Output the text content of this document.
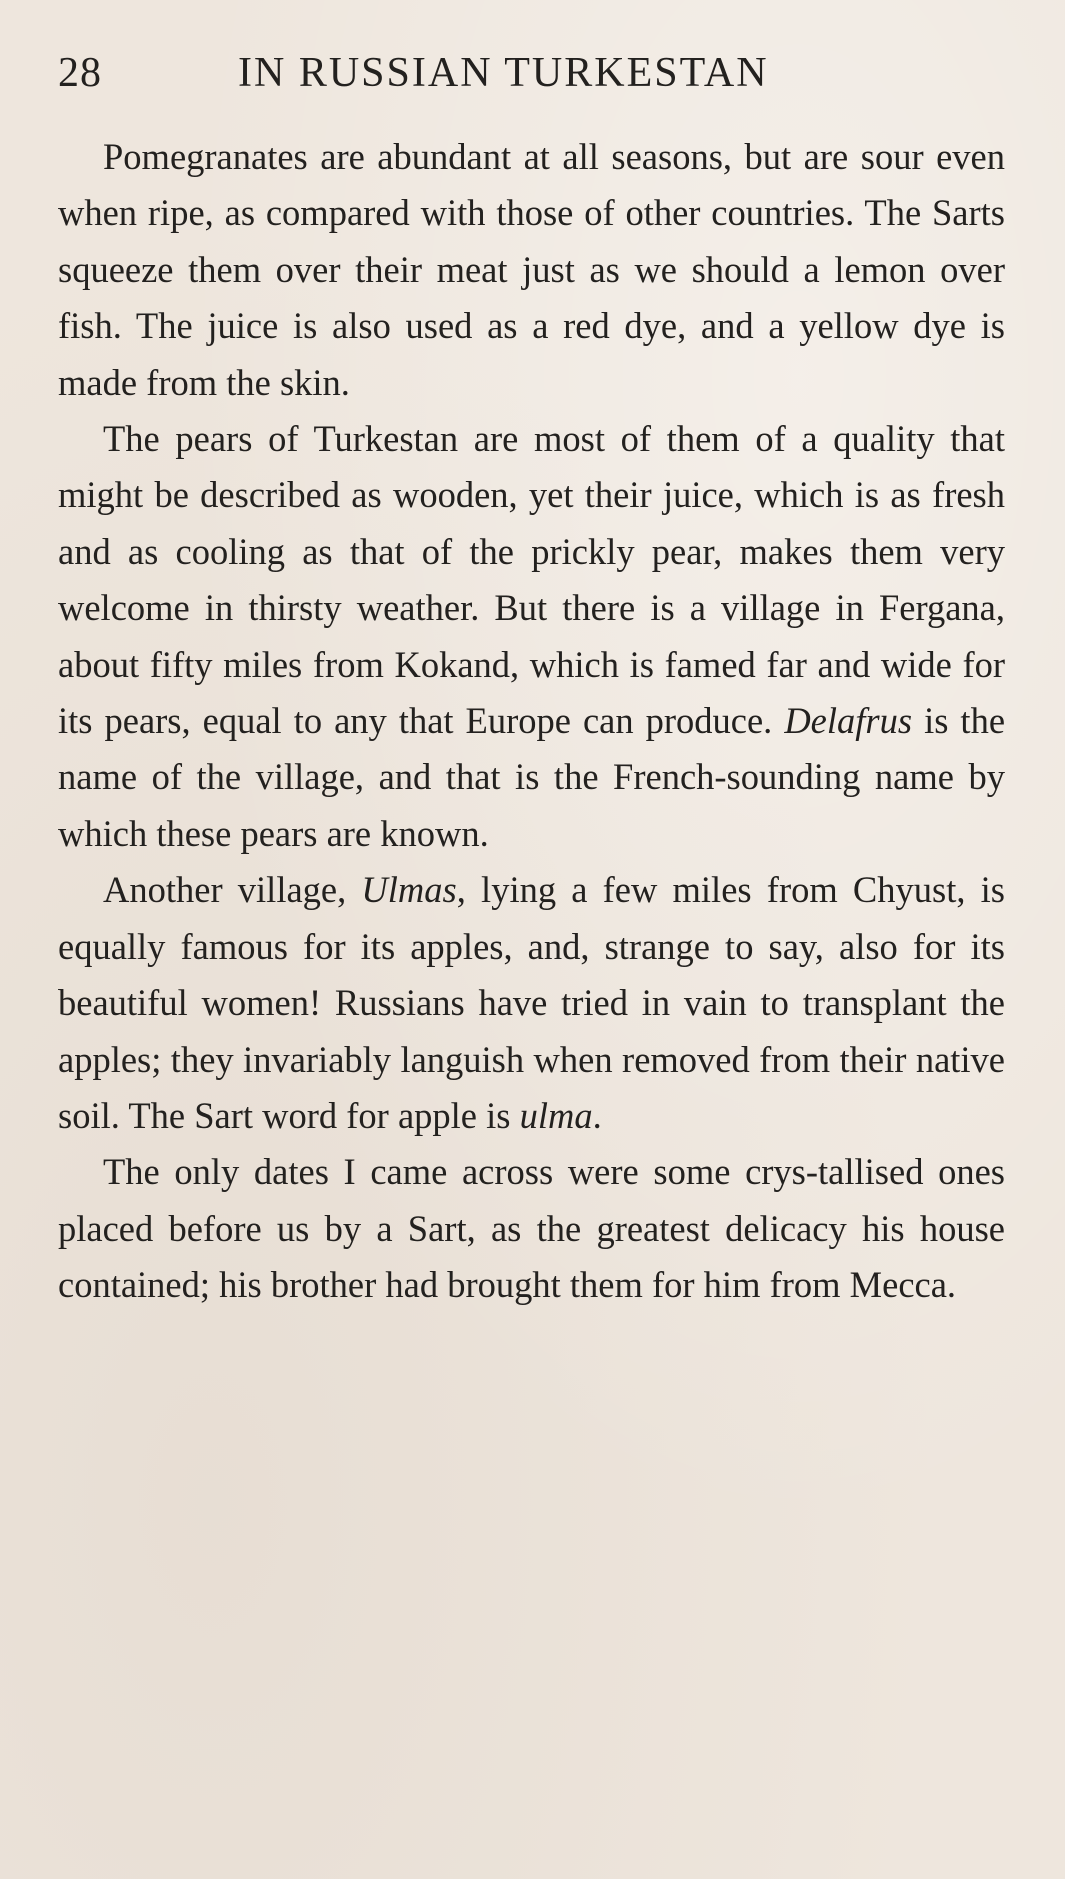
28	IN RUSSIAN TURKESTAN

Pomegranates are abundant at all seasons, but are sour even when ripe, as compared with those of other countries. The Sarts squeeze them over their meat just as we should a lemon over fish. The juice is also used as a red dye, and a yellow dye is made from the skin.

The pears of Turkestan are most of them of a quality that might be described as wooden, yet their juice, which is as fresh and as cooling as that of the prickly pear, makes them very welcome in thirsty weather. But there is a village in Fergana, about fifty miles from Kokand, which is famed far and wide for its pears, equal to any that Europe can produce. Delafrus is the name of the village, and that is the French-sounding name by which these pears are known.

Another village, Ulmas, lying a few miles from Chyust, is equally famous for its apples, and, strange to say, also for its beautiful women! Russians have tried in vain to transplant the apples; they invariably languish when removed from their native soil. The Sart word for apple is ulma.

The only dates I came across were some crys-tallised ones placed before us by a Sart, as the greatest delicacy his house contained; his brother had brought them for him from Mecca.
